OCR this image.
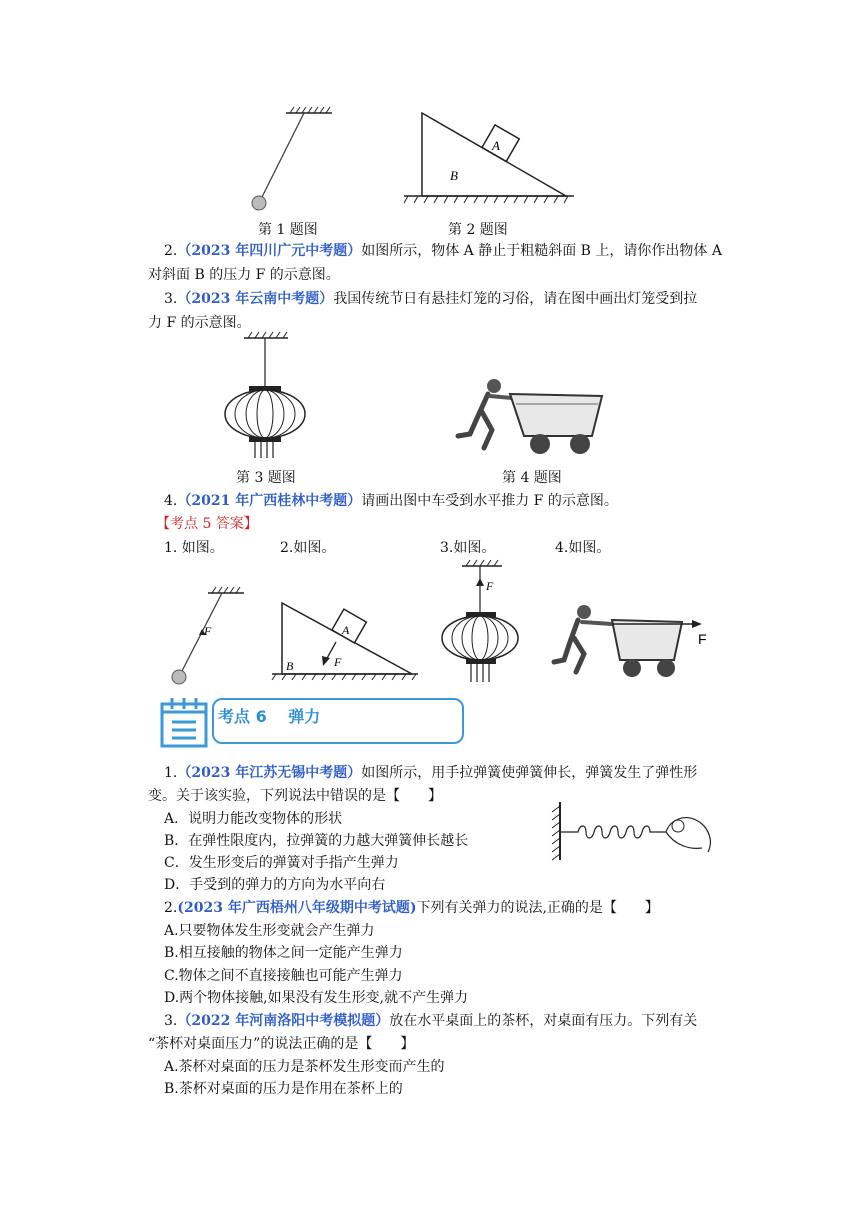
A
B
第 1 题图	第 2 题图
2.（2023 年四川广元中考题）如图所示，物体 A 静止于粗糙斜面 B 上，请你作出物体 A
对斜面 B 的压力 F 的示意图。
3.（2023 年云南中考题）我国传统节日有悬挂灯笼的习俗，请在图中画出灯笼受到拉
力 F 的示意图。
第 3 题图	第 4 题图
4.（2021 年广西桂林中考题）请画出图中车受到水平推力 F 的示意图。
【考点 5 答案】
1. 如图。	2.如图。	3.如图。	4.如图。
F	A
F
B
F
F
考点 6　 弹力
1.（2023 年江苏无锡中考题）如图所示，用手拉弹簧使弹簧伸长，弹簧发生了弹性形
变。关于该实验，下列说法中错误的是【　　】
A．说明力能改变物体的形状
B．在弹性限度内，拉弹簧的力越大弹簧伸长越长
C．发生形变后的弹簧对手指产生弹力
D．手受到的弹力的方向为水平向右
2.(2023 年广西梧州八年级期中考试题)下列有关弹力的说法,正确的是【　　】
A.只要物体发生形变就会产生弹力
B.相互接触的物体之间一定能产生弹力
C.物体之间不直接接触也可能产生弹力
D.两个物体接触,如果没有发生形变,就不产生弹力
3.（2022 年河南洛阳中考模拟题）放在水平桌面上的茶杯，对桌面有压力。下列有关
“茶杯对桌面压力”的说法正确的是【　　】
A.茶杯对桌面的压力是茶杯发生形变而产生的
B.茶杯对桌面的压力是作用在茶杯上的
